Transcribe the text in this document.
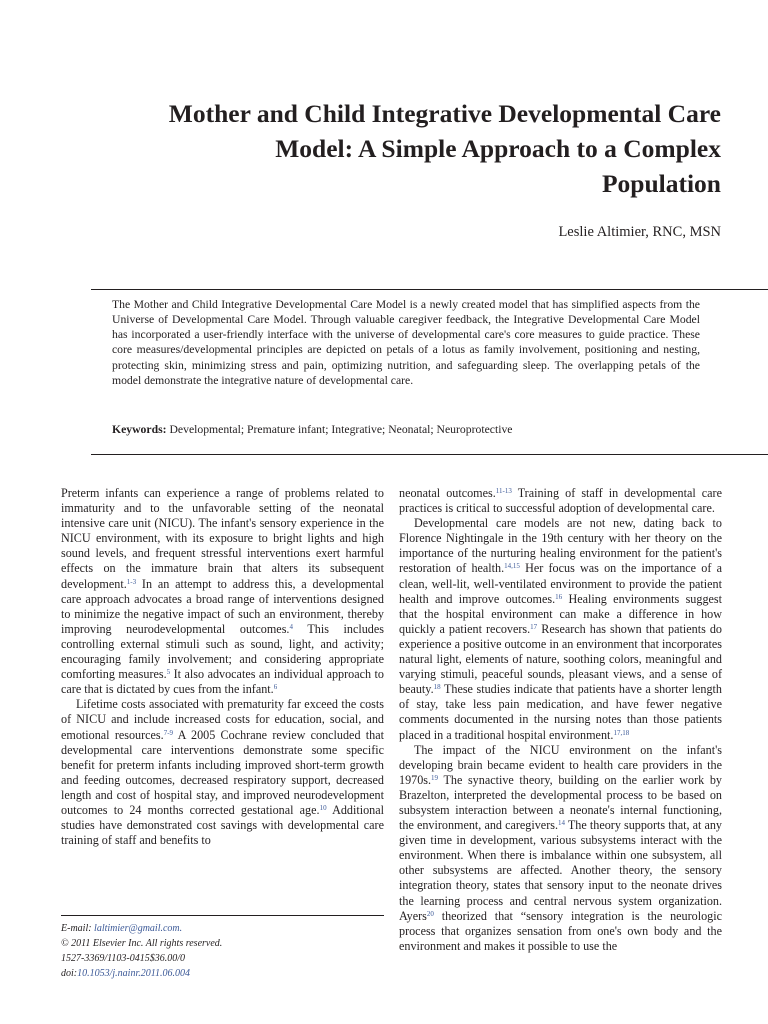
Mother and Child Integrative Developmental Care Model: A Simple Approach to a Complex Population
Leslie Altimier, RNC, MSN

The Mother and Child Integrative Developmental Care Model is a newly created model that has simplified aspects from the Universe of Developmental Care Model. Through valuable caregiver feedback, the Integrative Developmental Care Model has incorporated a user-friendly interface with the universe of developmental care's core measures to guide practice. These core measures/developmental principles are depicted on petals of a lotus as family involvement, positioning and nesting, protecting skin, minimizing stress and pain, optimizing nutrition, and safeguarding sleep. The overlapping petals of the model demonstrate the integrative nature of developmental care.

Keywords: Developmental; Premature infant; Integrative; Neonatal; Neuroprotective

Preterm infants can experience a range of problems related to immaturity and to the unfavorable setting of the neonatal intensive care unit (NICU). The infant's sensory experience in the NICU environment, with its exposure to bright lights and high sound levels, and frequent stressful interventions exert harmful effects on the immature brain that alters its subsequent development.$^{1-3}$ In an attempt to address this, a developmental care approach advocates a broad range of interventions designed to minimize the negative impact of such an environment, thereby improving neurodevelopmental outcomes.$^4$ This includes controlling external stimuli such as sound, light, and activity; encouraging family involvement; and considering appropriate comforting measures.$^5$ It also advocates an individual approach to care that is dictated by cues from the infant.$^6$

Lifetime costs associated with prematurity far exceed the costs of NICU and include increased costs for education, social, and emotional resources.$^{7-9}$ A 2005 Cochrane review concluded that developmental care interventions demonstrate some specific benefit for preterm infants including improved short-term growth and feeding outcomes, decreased respiratory support, decreased length and cost of hospital stay, and improved neurodevelopment outcomes to 24 months corrected gestational age.$^{10}$ Additional studies have demonstrated cost savings with developmental care training of staff and benefits to

E-mail: laltimier@gmail.com.
© 2011 Elsevier Inc. All rights reserved.
1527-3369/1103-0415$36.00/0
doi:10.1053/j.nainr.2011.06.004

neonatal outcomes.$^{11-13}$ Training of staff in developmental care practices is critical to successful adoption of developmental care.

Developmental care models are not new, dating back to Florence Nightingale in the 19th century with her theory on the importance of the nurturing healing environment for the patient's restoration of health.$^{14,15}$ Her focus was on the importance of a clean, well-lit, well-ventilated environment to provide the patient health and improve outcomes.$^{16}$ Healing environments suggest that the hospital environment can make a difference in how quickly a patient recovers.$^{17}$ Research has shown that patients do experience a positive outcome in an environment that incorporates natural light, elements of nature, soothing colors, meaningful and varying stimuli, peaceful sounds, pleasant views, and a sense of beauty.$^{18}$ These studies indicate that patients have a shorter length of stay, take less pain medication, and have fewer negative comments documented in the nursing notes than those patients placed in a traditional hospital environment.$^{17,18}$

The impact of the NICU environment on the infant's developing brain became evident to health care providers in the 1970s.$^{19}$ The synactive theory, building on the earlier work by Brazelton, interpreted the developmental process to be based on subsystem interaction between a neonate's internal functioning, the environment, and caregivers.$^{14}$ The theory supports that, at any given time in development, various subsystems interact with the environment. When there is imbalance within one subsystem, all other subsystems are affected. Another theory, the sensory integration theory, states that sensory input to the neonate drives the learning process and central nervous system organization. Ayers$^{20}$ theorized that “sensory integration is the neurologic process that organizes sensation from one's own body and the environment and makes it possible to use the
